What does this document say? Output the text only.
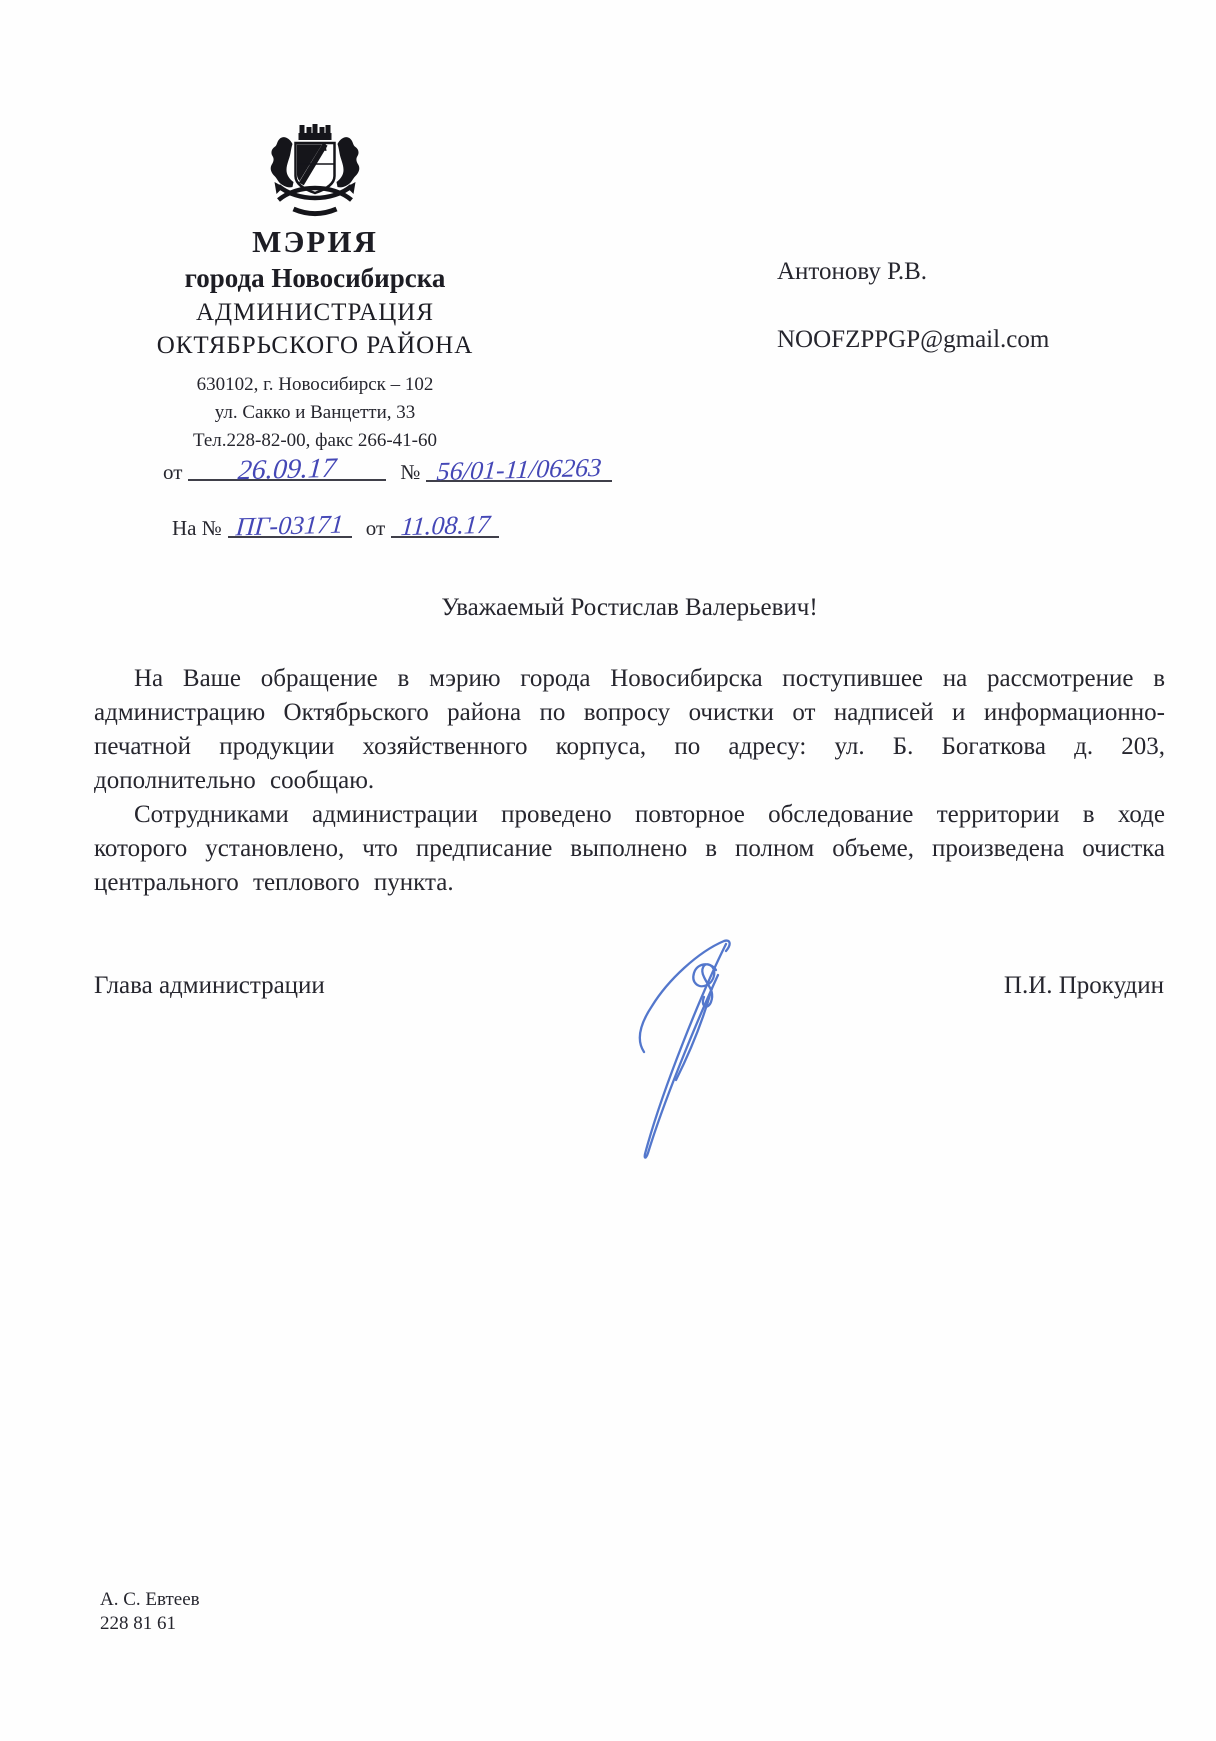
МЭРИЯ
города Новосибирска
АДМИНИСТРАЦИЯ
ОКТЯБРЬСКОГО РАЙОНА
630102, г. Новосибирск – 102
ул. Сакко и Ванцетти, 33
Тел.228-82-00, факс 266-41-60
от 26.09.17	№ 56/01-11/06263
На № ПГ-03171 от 11.08.17
Антонову Р.В.
NOOFZPPGP@gmail.com
Уважаемый Ростислав Валерьевич!

На Ваше обращение в мэрию города Новосибирска поступившее на рассмотрение в администрацию Октябрьского района по вопросу очистки от надписей и информационно-печатной продукции хозяйственного корпуса, по адресу: ул. Б. Богаткова д. 203, дополнительно сообщаю.

Сотрудниками администрации проведено повторное обследование территории в ходе которого установлено, что предписание выполнено в полном объеме, произведена очистка центрального теплового пункта.

Глава администрации	П.И. Прокудин
А. С. Евтеев
228 81 61
